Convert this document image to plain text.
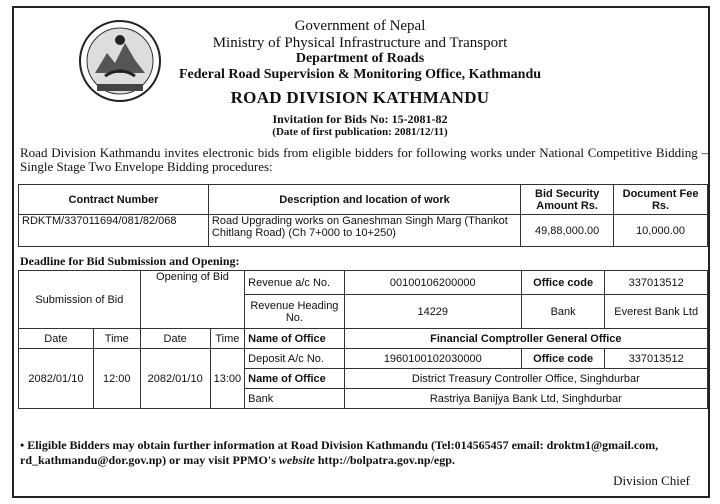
Government of Nepal
Ministry of Physical Infrastructure and Transport
Department of Roads
Federal Road Supervision & Monitoring Office, Kathmandu
ROAD DIVISION KATHMANDU
Invitation for Bids No: 15-2081-82
(Date of first publication: 2081/12/11)
Road Division Kathmandu invites electronic bids from eligible bidders for following works under National Competitive Bidding – Single Stage Two Envelope Bidding procedures:
Contract Number	Description and location of work	Bid Security Amount Rs.	Document Fee Rs.
RDKTM/337011694/081/82/068	Road Upgrading works on Ganeshman Singh Marg (Thankot Chitlang Road) (Ch 7+000 to 10+250)	49,88,000.00	10,000.00
Deadline for Bid Submission and Opening:
Submission of Bid		Opening of Bid		Revenue a/c No.	00100106200000	Office code	337013512
				Revenue Heading No.	14229	Bank	Everest Bank Ltd
Date	Time	Date	Time	Name of Office	Financial Comptroller General Office		
2082/01/10	12:00	2082/01/10	13:00	Deposit A/c No.	1960100102030000	Office code	337013512
				Name of Office	District Treasury Controller Office, Singhdurbar		
				Bank	Rastriya Banijya Bank Ltd, Singhdurbar		
• Eligible Bidders may obtain further information at Road Division Kathmandu (Tel:014565457 email: droktm1@gmail.com, rd_kathmandu@dor.gov.np) or may visit PPMO's website http://bolpatra.gov.np/egp.
Division Chief
